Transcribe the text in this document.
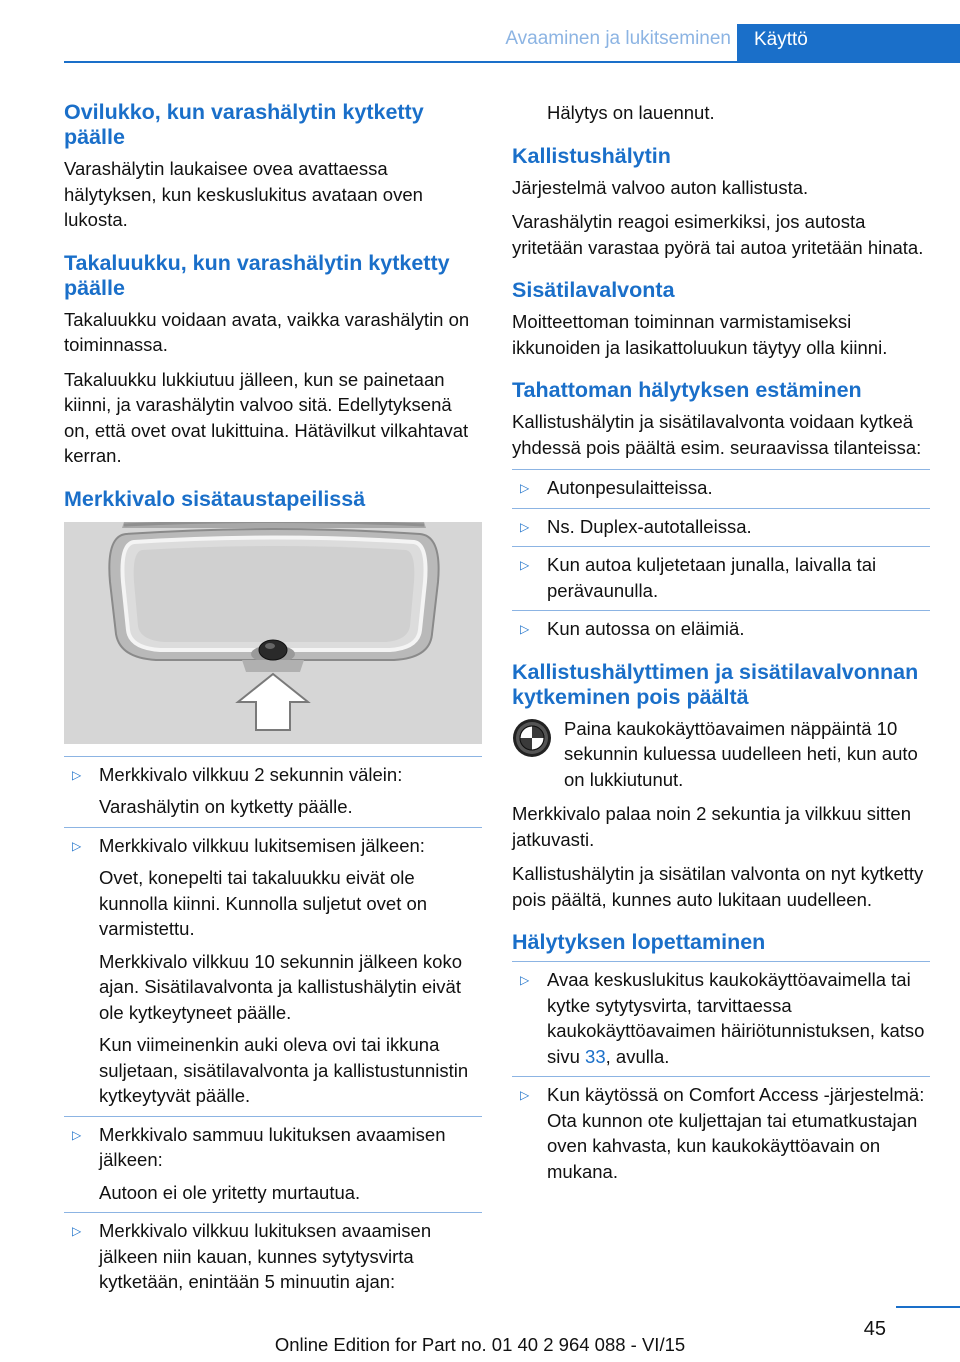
Avaaminen ja lukitseminen	Käyttö
Ovilukko, kun varashälytin kytketty päälle

Varashälytin laukaisee ovea avattaessa hälytyksen, kun keskuslukitus avataan oven lukosta.

Takaluukku, kun varashälytin kytketty päälle

Takaluukku voidaan avata, vaikka varashälytin on toiminnassa.

Takaluukku lukkiutuu jälleen, kun se painetaan kiinni, ja varashälytin valvoo sitä. Edellytyksenä on, että ovet ovat lukittuina. Hätävilkut vilkahtavat kerran.

Merkkivalo sisätaustapeilissä
▷ Merkkivalo vilkkuu 2 sekunnin välein:

Varashälytin on kytketty päälle.

▷ Merkkivalo vilkkuu lukitsemisen jälkeen:

Ovet, konepelti tai takaluukku eivät ole kunnolla kiinni. Kunnolla suljetut ovet on varmistettu.

Merkkivalo vilkkuu 10 sekunnin jälkeen koko ajan. Sisätilavalvonta ja kallistushälytin eivät ole kytkeytyneet päälle.

Kun viimeinenkin auki oleva ovi tai ikkuna suljetaan, sisätilavalvonta ja kallistustunnistin kytkeytyvät päälle.

▷ Merkkivalo sammuu lukituksen avaamisen jälkeen:

Autoon ei ole yritetty murtautua.

▷ Merkkivalo vilkkuu lukituksen avaamisen jälkeen niin kauan, kunnes sytytysvirta kytketään, enintään 5 minuutin ajan:

Hälytys on lauennut.

Kallistushälytin

Järjestelmä valvoo auton kallistusta.

Varashälytin reagoi esimerkiksi, jos autosta yritetään varastaa pyörä tai autoa yritetään hinata.

Sisätilavalvonta

Moitteettoman toiminnan varmistamiseksi ikkunoiden ja lasikattoluukun täytyy olla kiinni.

Tahattoman hälytyksen estäminen

Kallistushälytin ja sisätilavalvonta voidaan kytkeä yhdessä pois päältä esim. seuraavissa tilanteissa:

▷ Autonpesulaitteissa.

▷ Ns. Duplex-autotalleissa.

▷ Kun autoa kuljetetaan junalla, laivalla tai perävaunulla.

▷ Kun autossa on eläimiä.

Kallistushälyttimen ja sisätilavalvonnan kytkeminen pois päältä

Paina kaukokäyttöavaimen näppäintä 10 sekunnin kuluessa uudelleen heti, kun auto on lukkiutunut.

Merkkivalo palaa noin 2 sekuntia ja vilkkuu sitten jatkuvasti.

Kallistushälytin ja sisätilan valvonta on nyt kytketty pois päältä, kunnes auto lukitaan uudelleen.

Hälytyksen lopettaminen
▷ Avaa keskuslukitus kaukokäyttöavaimella tai kytke sytytysvirta, tarvittaessa kaukokäyttöavaimen häiriötunnistuksen, katso sivu 33, avulla.

▷ Kun käytössä on Comfort Access -järjestelmä: Ota kunnon ote kuljettajan tai etumatkustajan oven kahvasta, kun kaukokäyttöavain on mukana.

45
Online Edition for Part no. 01 40 2 964 088 - VI/15
